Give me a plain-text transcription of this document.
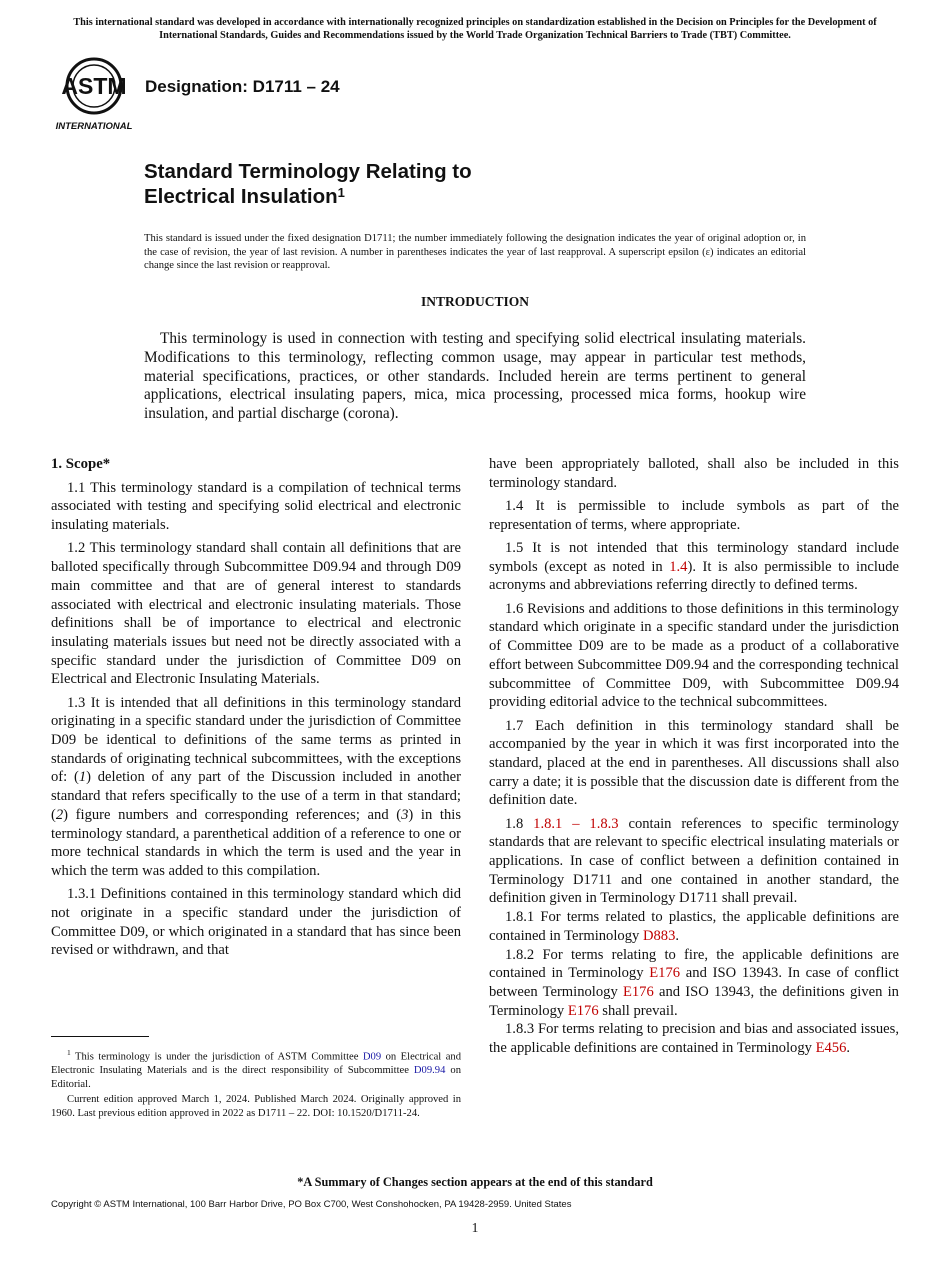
This international standard was developed in accordance with internationally recognized principles on standardization established in the Decision on Principles for the Development of International Standards, Guides and Recommendations issued by the World Trade Organization Technical Barriers to Trade (TBT) Committee.
ASTM
INTERNATIONAL
Designation: D1711 – 24
Standard Terminology Relating to
Electrical Insulation$^1$
This standard is issued under the fixed designation D1711; the number immediately following the designation indicates the year of original adoption or, in the case of revision, the year of last revision. A number in parentheses indicates the year of last reapproval. A superscript epsilon (ε) indicates an editorial change since the last revision or reapproval.
INTRODUCTION
This terminology is used in connection with testing and specifying solid electrical insulating materials. Modifications to this terminology, reflecting common usage, may appear in particular test methods, material specifications, practices, or other standards. Included herein are terms pertinent to general applications, electrical insulating papers, mica, mica processing, processed mica forms, hookup wire insulation, and partial discharge (corona).
1. Scope*

1.1 This terminology standard is a compilation of technical terms associated with testing and specifying solid electrical and electronic insulating materials.

1.2 This terminology standard shall contain all definitions that are balloted specifically through Subcommittee D09.94 and through D09 main committee and that are of general interest to standards associated with electrical and electronic insulating materials. Those definitions shall be of importance to electrical and electronic insulating materials issues but need not be directly associated with a specific standard under the jurisdiction of Committee D09 on Electrical and Electronic Insulating Materials.

1.3 It is intended that all definitions in this terminology standard originating in a specific standard under the jurisdiction of Committee D09 be identical to definitions of the same terms as printed in standards of originating technical subcommittees, with the exceptions of: (1) deletion of any part of the Discussion included in another standard that refers specifically to the use of a term in that standard; (2) figure numbers and corresponding references; and (3) in this terminology standard, a parenthetical addition of a reference to one or more technical standards in which the term is used and the year in which the term was added to this compilation.

1.3.1 Definitions contained in this terminology standard which did not originate in a specific standard under the jurisdiction of Committee D09, or which originated in a standard that has since been revised or withdrawn, and that

have been appropriately balloted, shall also be included in this terminology standard.

1.4 It is permissible to include symbols as part of the representation of terms, where appropriate.

1.5 It is not intended that this terminology standard include symbols (except as noted in 1.4). It is also permissible to include acronyms and abbreviations referring directly to defined terms.

1.6 Revisions and additions to those definitions in this terminology standard which originate in a specific standard under the jurisdiction of Committee D09 are to be made as a product of a collaborative effort between Subcommittee D09.94 and the corresponding technical subcommittee of Committee D09, with Subcommittee D09.94 providing editorial advice to the technical subcommittees.

1.7 Each definition in this terminology standard shall be accompanied by the year in which it was first incorporated into the standard, placed at the end in parentheses. All discussions shall also carry a date; it is possible that the discussion date is different from the definition date.

1.8 1.8.1 – 1.8.3 contain references to specific terminology standards that are relevant to specific electrical insulating materials or applications. In case of conflict between a definition contained in Terminology D1711 and one contained in another standard, the definition given in Terminology D1711 shall prevail.

1.8.1 For terms related to plastics, the applicable definitions are contained in Terminology D883.

1.8.2 For terms relating to fire, the applicable definitions are contained in Terminology E176 and ISO 13943. In case of conflict between Terminology E176 and ISO 13943, the definitions given in Terminology E176 shall prevail.

1.8.3 For terms relating to precision and bias and associated issues, the applicable definitions are contained in Terminology E456.

$^1$ This terminology is under the jurisdiction of ASTM Committee D09 on Electrical and Electronic Insulating Materials and is the direct responsibility of Subcommittee D09.94 on Editorial.

Current edition approved March 1, 2024. Published March 2024. Originally approved in 1960. Last previous edition approved in 2022 as D1711 – 22. DOI: 10.1520/D1711-24.

*A Summary of Changes section appears at the end of this standard
Copyright © ASTM International, 100 Barr Harbor Drive, PO Box C700, West Conshohocken, PA 19428-2959. United States
1
